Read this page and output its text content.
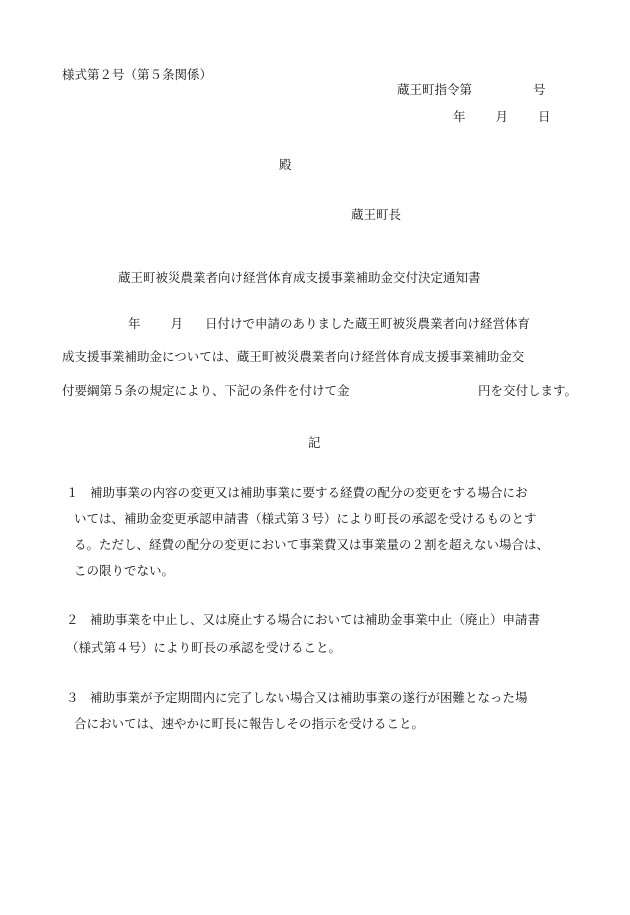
様式第２号（第５条関係）
蔵王町指令第	号
年 月 日
殿
蔵王町長
蔵王町被災農業者向け経営体育成支援事業補助金交付決定通知書
年 月 日付けで申請のありました蔵王町被災農業者向け経営体育
成支援事業補助金については、蔵王町被災農業者向け経営体育成支援事業補助金交
付要綱第５条の規定により、下記の条件を付けて金	円を交付します。
記
１ 補助事業の内容の変更又は補助事業に要する経費の配分の変更をする場合にお
いては、補助金変更承認申請書（様式第３号）により町長の承認を受けるものとす
る。ただし、経費の配分の変更において事業費又は事業量の２割を超えない場合は、
この限りでない。
２ 補助事業を中止し、又は廃止する場合においては補助金事業中止（廃止）申請書
（様式第４号）により町長の承認を受けること。
３ 補助事業が予定期間内に完了しない場合又は補助事業の遂行が困難となった場
合においては、速やかに町長に報告しその指示を受けること。
